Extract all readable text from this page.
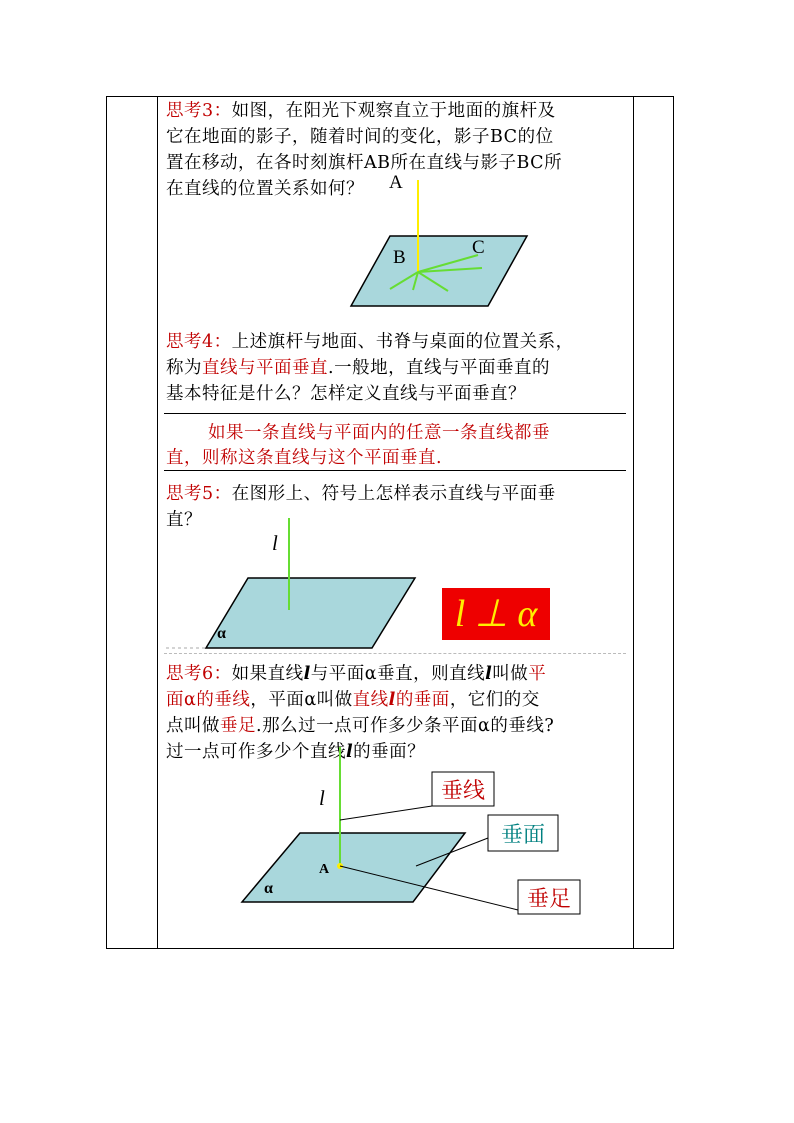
思考3：如图，在阳光下观察直立于地面的旗杆及
它在地面的影子，随着时间的变化，影子BC的位
置在移动，在各时刻旗杆AB所在直线与影子BC所
在直线的位置关系如何？	A
B	C
思考4：上述旗杆与地面、书脊与桌面的位置关系，
称为直线与平面垂直.一般地，直线与平面垂直的
基本特征是什么？怎样定义直线与平面垂直？
如果一条直线与平面内的任意一条直线都垂
直，则称这条直线与这个平面垂直.
思考5：在图形上、符号上怎样表示直线与平面垂
直？
l
α	l ⊥ α
思考6：如果直线l与平面α垂直，则直线l叫做平
面α的垂线，平面α叫做直线l的垂面，它们的交
点叫做垂足.那么过一点可作多少条平面α的垂线?
过一点可作多少个直线l的垂面？
l
A
α
垂线
垂面
垂足
